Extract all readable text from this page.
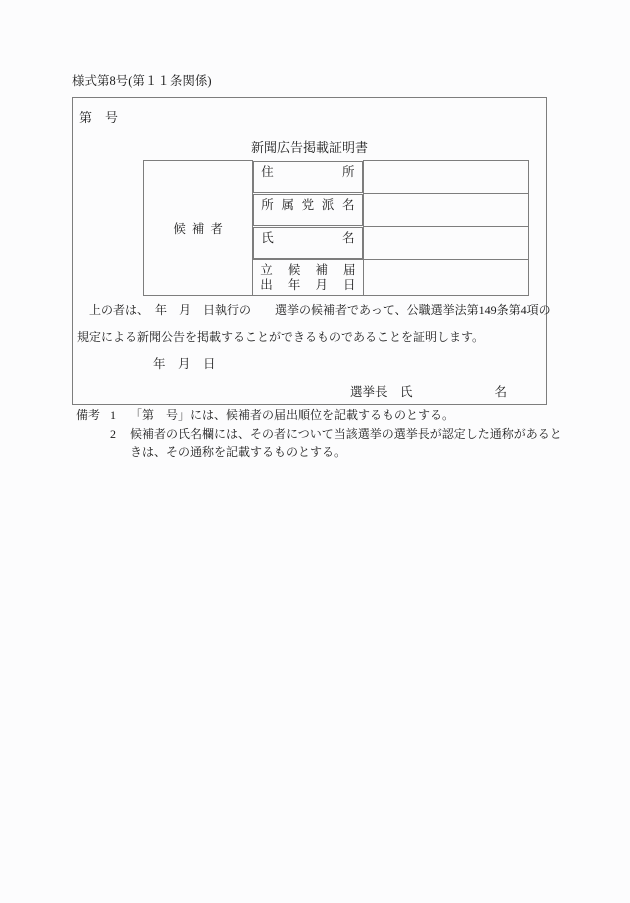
様式第8号(第１１条関係)
第　号
新聞広告掲載証明書
候補者	
住	所

所 属 党 派 名

氏	名

立 候 補 届
出 年 月 日

上の者は、　年　月　日執行の　　選挙の候補者であって、公職選挙法第149条第4項の
規定による新聞公告を掲載することができるものであることを証明します。
年　月　日
選挙長　氏	名
備考 1	「第　号」には、候補者の届出順位を記載するものとする。
2	候補者の氏名欄には、その者について当該選挙の選挙長が認定した通称があるときは、その通称を記載するものとする。
